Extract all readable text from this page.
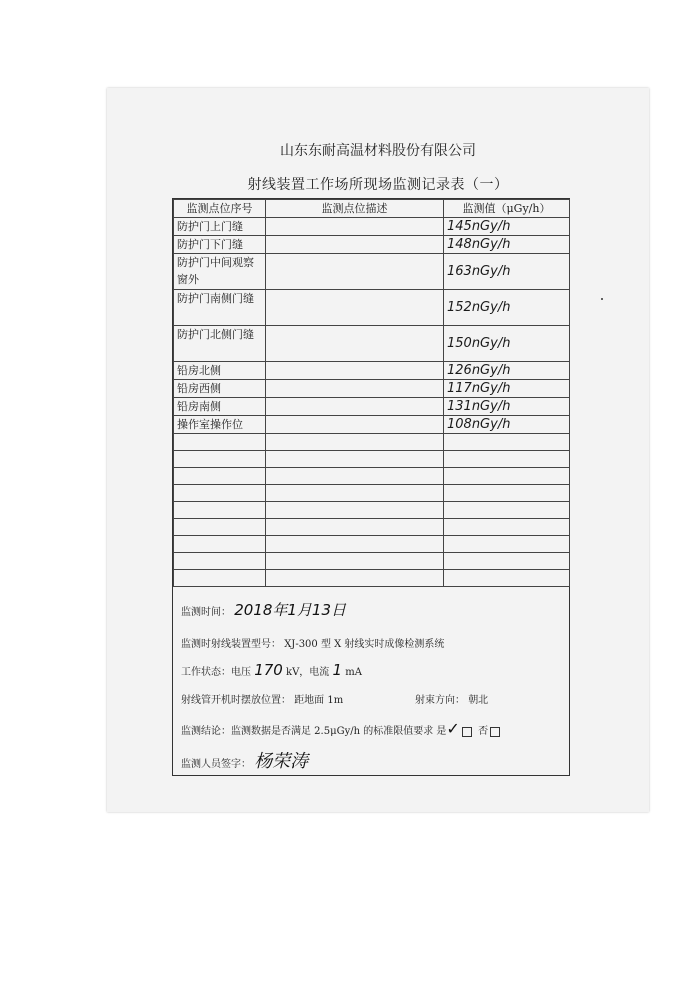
山东东耐高温材料股份有限公司
射线装置工作场所现场监测记录表（一）
监测点位序号	监测点位描述	监测值（μGy/h）
防护门上门缝		145nGy/h
防护门下门缝		148nGy/h
防护门中间观察窗外		163nGy/h
防护门南侧门缝		152nGy/h
防护门北侧门缝		150nGy/h
铅房北侧		126nGy/h
铅房西侧		117nGy/h
铅房南侧		131nGy/h
操作室操作位		108nGy/h

监测时间： 2018年1月13日
监测时射线装置型号： XJ-300 型 X 射线实时成像检测系统
工作状态：电压 170 kV，电流 1 mA
射线管开机时摆放位置： 距地面 1m	射束方向： 朝北
监测结论：监测数据是否满足 2.5μGy/h 的标准限值要求 是✓ 否
监测人员签字： 杨荣涛
